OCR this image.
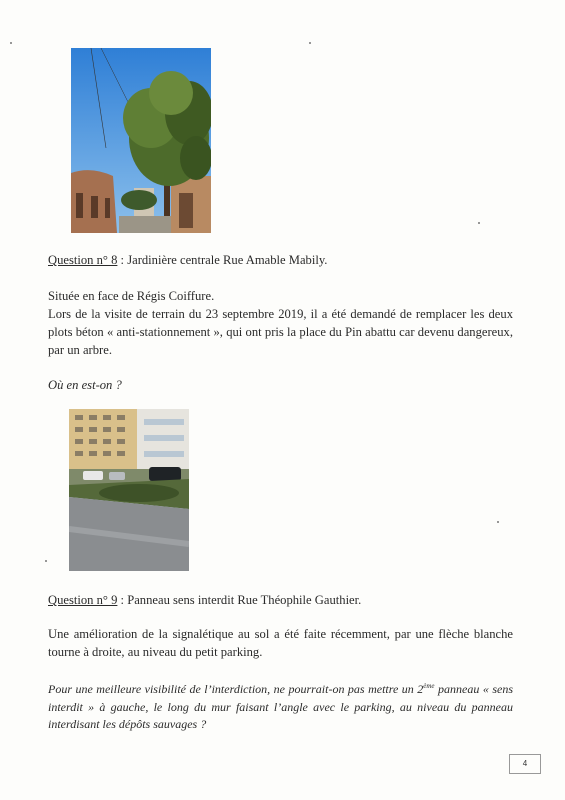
Question n° 8 : Jardinière centrale Rue Amable Mabily.
Située en face de Régis Coiffure.
Lors de la visite de terrain du 23 septembre 2019, il a été demandé de remplacer les deux plots béton « anti-stationnement », qui ont pris la place du Pin abattu car devenu dangereux, par un arbre.
Où en est-on ?
Question n° 9 : Panneau sens interdit Rue Théophile Gauthier.
Une amélioration de la signalétique au sol a été faite récemment, par une flèche blanche tourne à droite, au niveau du petit parking.
Pour une meilleure visibilité de l’interdiction, ne pourrait-on pas mettre un 2ème panneau « sens interdit » à gauche, le long du mur faisant l’angle avec le parking, au niveau du panneau interdisant les dépôts sauvages ?
4
